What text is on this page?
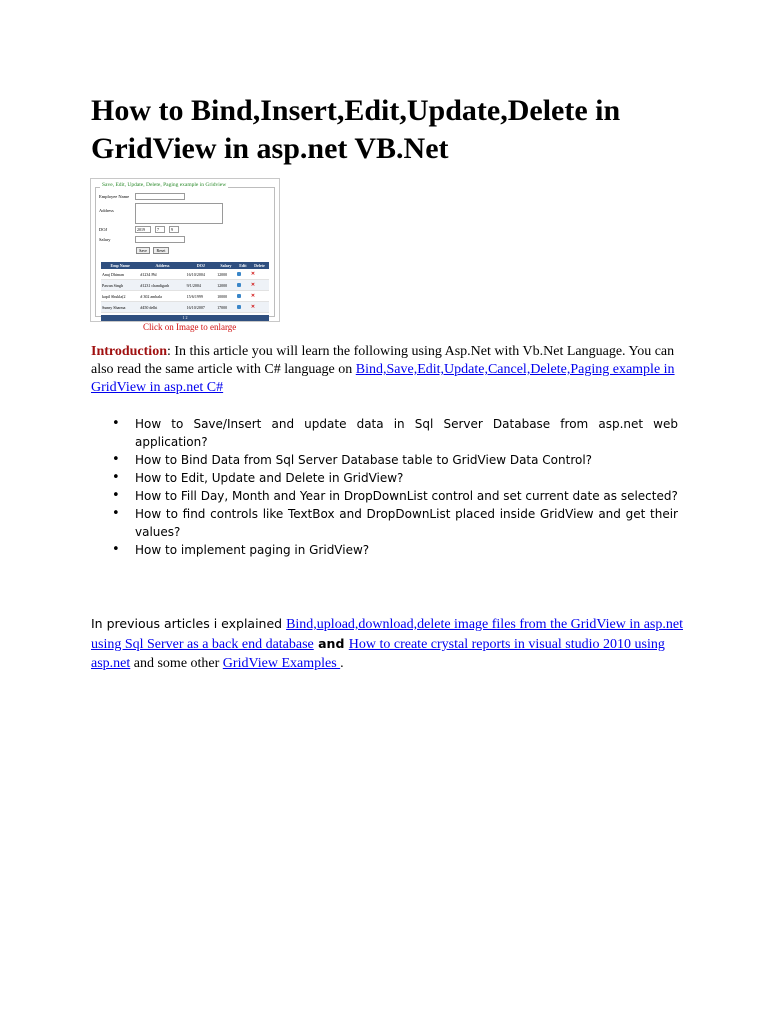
How to Bind,Insert,Edit,Update,Delete in GridView in asp.net VB.Net
Save, Edit, Update, Delete, Paging example in Gridview
Employee Name
Address
DOJ	2019	7	9
Salary
Save	Reset
Emp Name	Address	DOJ	Salary	Edit	Delete
Anuj Dhiman	#1234 Phl	16/10/2004	12000		✕
Pawan Singh	#1231 chandigarh	9/1/2004	12000		✕
kapil Shukla(2	# 302 ambala	15/6/1999	10000		✕
Sunny Sharma	#450 delhi	16/10/2007	17000		✕
1 2
Click on Image to enlarge

Introduction: In this article you will learn the following using Asp.Net with Vb.Net Language. You can also read the same article with C# language on Bind,Save,Edit,Update,Cancel,Delete,Paging example in GridView in asp.net C#

• How to Save/Insert and update data in Sql Server Database from asp.net web application?
• How to Bind Data from Sql Server Database table to GridView Data Control?
• How to Edit, Update and Delete in GridView?
• How to Fill Day, Month and Year in DropDownList control and set current date as selected?
• How to find controls like TextBox and DropDownList placed inside GridView and get their values?
• How to implement paging in GridView?

In previous articles i explained Bind,upload,download,delete image files from the GridView in asp.net using Sql Server as a back end database and How to create crystal reports in visual studio 2010 using asp.net and some other GridView Examples .
